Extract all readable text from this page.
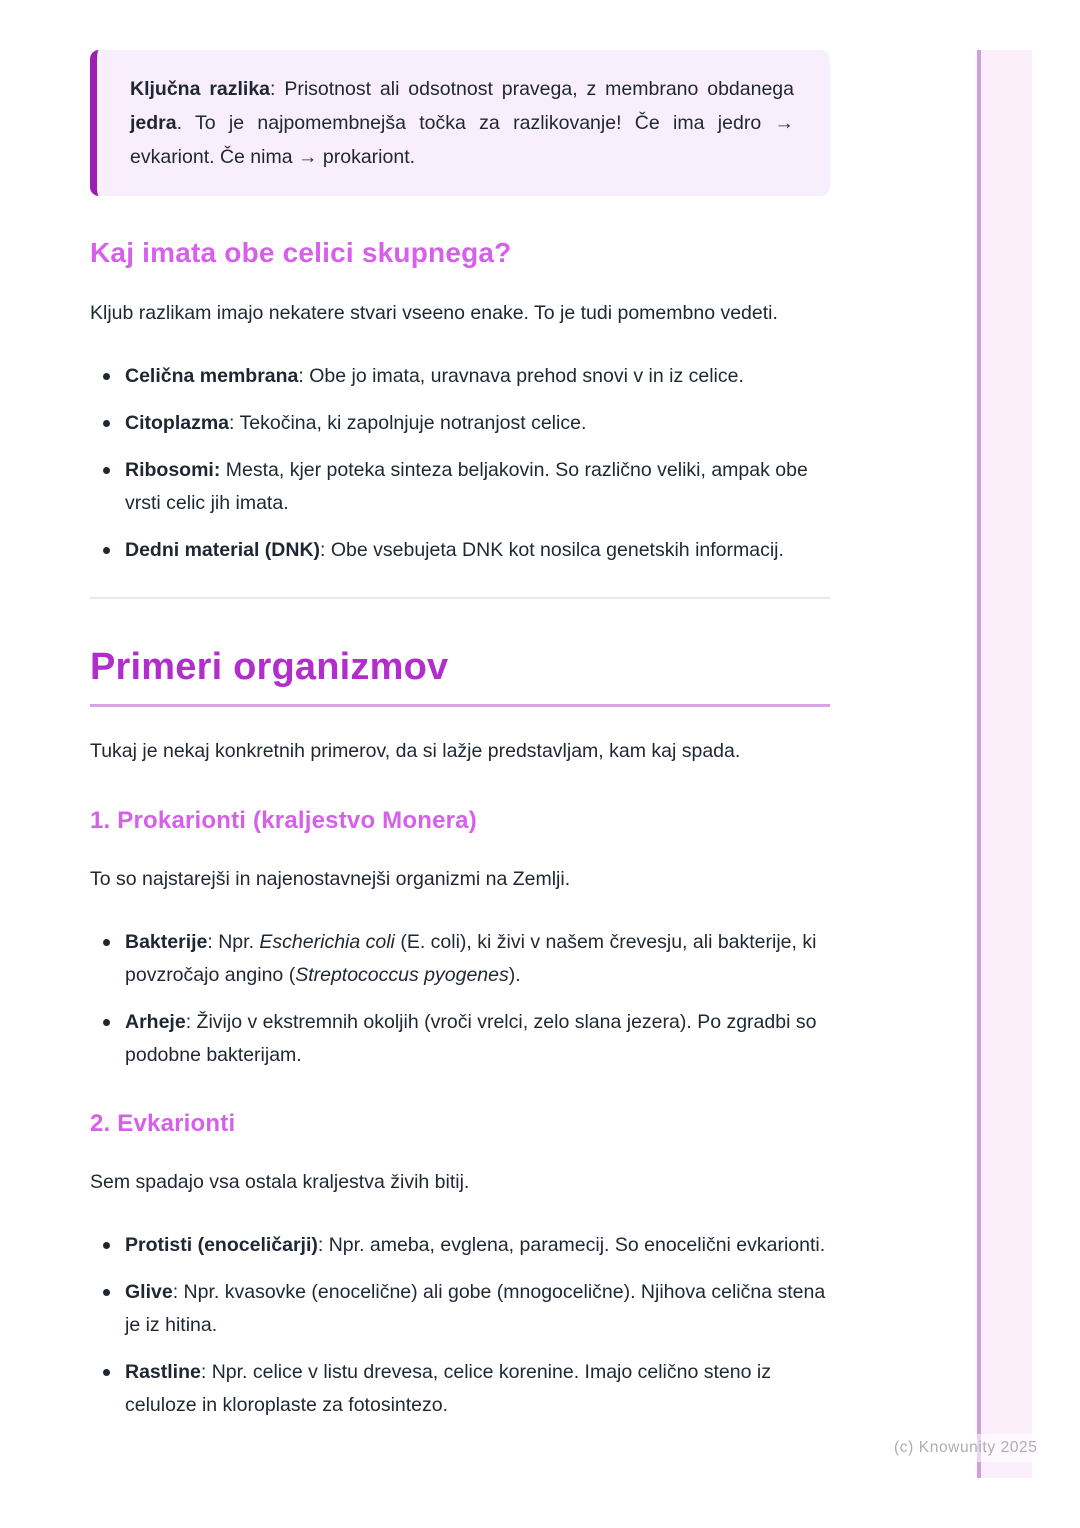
Ključna razlika: Prisotnost ali odsotnost pravega, z membrano obdanega jedra. To je najpomembnejša točka za razlikovanje! Če ima jedro → evkariont. Če nima → prokariont.
Kaj imata obe celici skupnega?

Kljub razlikam imajo nekatere stvari vseeno enake. To je tudi pomembno vedeti.

Celična membrana: Obe jo imata, uravnava prehod snovi v in iz celice.
Citoplazma: Tekočina, ki zapolnjuje notranjost celice.
Ribosomi: Mesta, kjer poteka sinteza beljakovin. So različno veliki, ampak obe vrsti celic jih imata.
Dedni material (DNK): Obe vsebujeta DNK kot nosilca genetskih informacij.
Primeri organizmov

Tukaj je nekaj konkretnih primerov, da si lažje predstavljam, kam kaj spada.

1. Prokarionti (kraljestvo Monera)

To so najstarejši in najenostavnejši organizmi na Zemlji.

Bakterije: Npr. Escherichia coli (E. coli), ki živi v našem črevesju, ali bakterije, ki povzročajo angino (Streptococcus pyogenes).
Arheje: Živijo v ekstremnih okoljih (vroči vrelci, zelo slana jezera). Po zgradbi so podobne bakterijam.
2. Evkarionti

Sem spadajo vsa ostala kraljestva živih bitij.

Protisti (enoceličarji): Npr. ameba, evglena, paramecij. So enocelični evkarionti.
Glive: Npr. kvasovke (enocelične) ali gobe (mnogocelične). Njihova celična stena je iz hitina.
Rastline: Npr. celice v listu drevesa, celice korenine. Imajo celično steno iz celuloze in kloroplaste za fotosintezo.
(c) Knowunity 2025
